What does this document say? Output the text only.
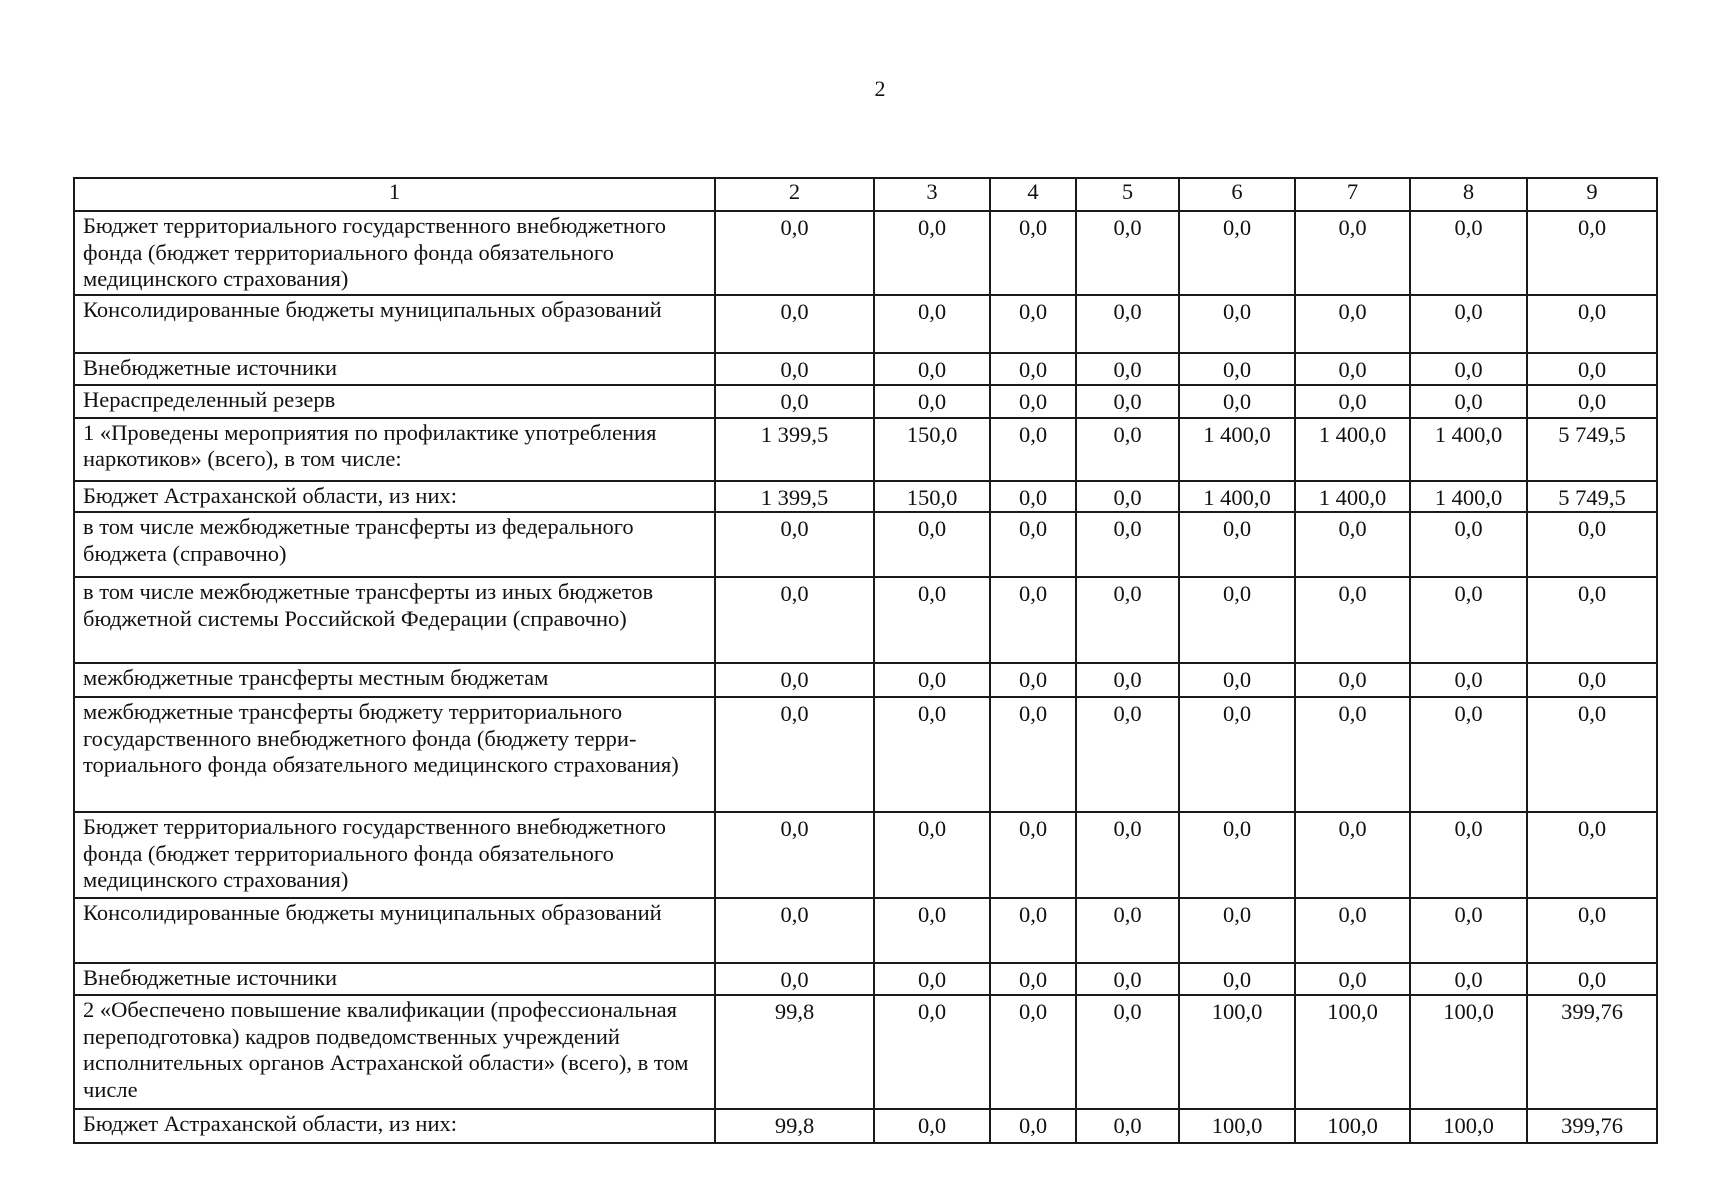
2
1	2	3	4	5	6	7	8	9
Бюджет территориального государственного внебюджетного фонда (бюджет территориального фонда обязательного медицинского страхования)	0,0	0,0	0,0	0,0	0,0	0,0	0,0	0,0
Консолидированные бюджеты муниципальных образований	0,0	0,0	0,0	0,0	0,0	0,0	0,0	0,0
Внебюджетные источники	0,0	0,0	0,0	0,0	0,0	0,0	0,0	0,0
Нераспределенный резерв	0,0	0,0	0,0	0,0	0,0	0,0	0,0	0,0
1 «Проведены мероприятия по профилактике употребления наркотиков» (всего), в том числе:	1 399,5	150,0	0,0	0,0	1 400,0	1 400,0	1 400,0	5 749,5
Бюджет Астраханской области, из них:	1 399,5	150,0	0,0	0,0	1 400,0	1 400,0	1 400,0	5 749,5
в том числе межбюджетные трансферты из федерального бюджета (справочно)	0,0	0,0	0,0	0,0	0,0	0,0	0,0	0,0
в том числе межбюджетные трансферты из иных бюджетов бюджетной системы Российской Федерации (справочно)	0,0	0,0	0,0	0,0	0,0	0,0	0,0	0,0
межбюджетные трансферты местным бюджетам	0,0	0,0	0,0	0,0	0,0	0,0	0,0	0,0
межбюджетные трансферты бюджету территориального государственного внебюджетного фонда (бюджету территориального фонда обязательного медицинского страхования)	0,0	0,0	0,0	0,0	0,0	0,0	0,0	0,0
Бюджет территориального государственного внебюджетного фонда (бюджет территориального фонда обязательного медицинского страхования)	0,0	0,0	0,0	0,0	0,0	0,0	0,0	0,0
Консолидированные бюджеты муниципальных образований	0,0	0,0	0,0	0,0	0,0	0,0	0,0	0,0
Внебюджетные источники	0,0	0,0	0,0	0,0	0,0	0,0	0,0	0,0
2 «Обеспечено повышение квалификации (профессиональная переподготовка) кадров подведомственных учреждений исполнительных органов Астраханской области» (всего), в том числе	99,8	0,0	0,0	0,0	100,0	100,0	100,0	399,76
Бюджет Астраханской области, из них:	99,8	0,0	0,0	0,0	100,0	100,0	100,0	399,76
